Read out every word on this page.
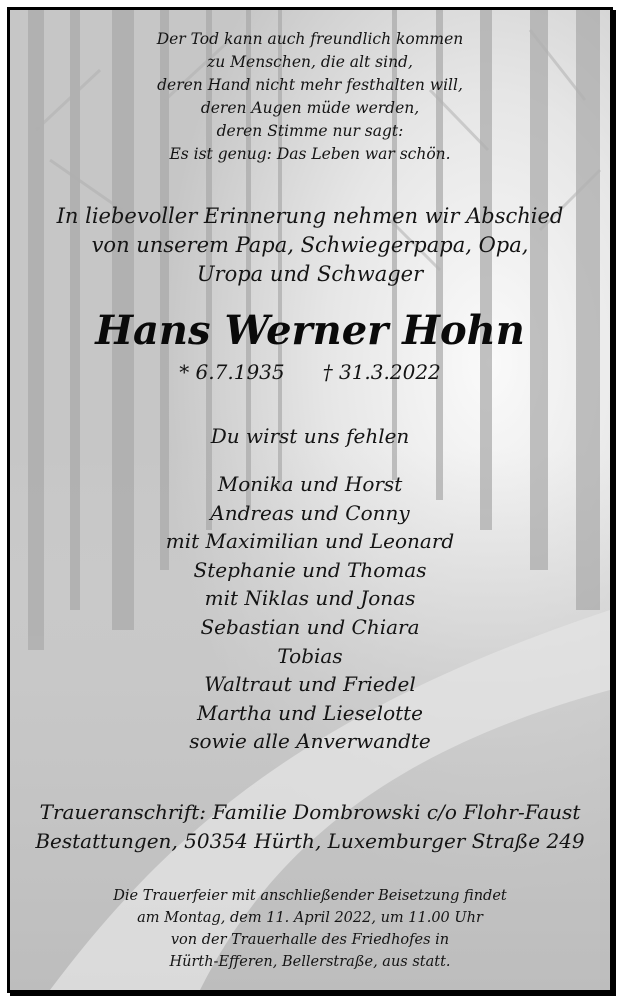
Der Tod kann auch freundlich kommen
zu Menschen, die alt sind,
deren Hand nicht mehr festhalten will,
deren Augen müde werden,
deren Stimme nur sagt:
Es ist genug: Das Leben war schön.
In liebevoller Erinnerung nehmen wir Abschied
von unserem Papa, Schwiegerpapa, Opa,
Uropa und Schwager
Hans Werner Hohn
* 6.7.1935 † 31.3.2022
Du wirst uns fehlen
Monika und Horst
Andreas und Conny
mit Maximilian und Leonard
Stephanie und Thomas
mit Niklas und Jonas
Sebastian und Chiara
Tobias
Waltraut und Friedel
Martha und Lieselotte
sowie alle Anverwandte
Traueranschrift: Familie Dombrowski c/o Flohr-Faust
Bestattungen, 50354 Hürth, Luxemburger Straße 249
Die Trauerfeier mit anschließender Beisetzung findet
am Montag, dem 11. April 2022, um 11.00 Uhr
von der Trauerhalle des Friedhofes in
Hürth-Efferen, Bellerstraße, aus statt.
